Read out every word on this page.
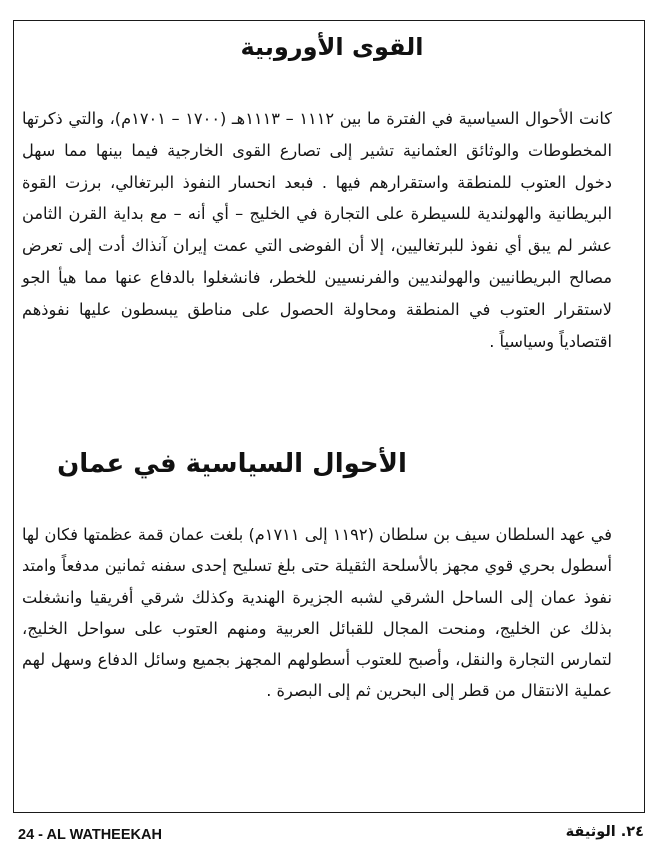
القوى الأوروبية
كانت الأحوال السياسية في الفترة ما بين ١١١٢ – ١١١٣هـ (١٧٠٠ – ١٧٠١م)، والتي ذكرتها المخطوطات والوثائق العثمانية تشير إلى تصارع القوى الخارجية فيما بينها مما سهل دخول العتوب للمنطقة واستقرارهم فيها . فبعد انحسار النفوذ البرتغالي، برزت القوة البريطانية والهولندية للسيطرة على التجارة في الخليج – أي أنه – مع بداية القرن الثامن عشر لم يبق أي نفوذ للبرتغاليين، إلا أن الفوضى التي عمت إيران آنذاك أدت إلى تعرض مصالح البريطانيين والهولنديين والفرنسيين للخطر، فانشغلوا بالدفاع عنها مما هيأ الجو لاستقرار العتوب في المنطقة ومحاولة الحصول على مناطق يبسطون عليها نفوذهم اقتصادياً وسياسياً .
الأحوال السياسية في عمان
في عهد السلطان سيف بن سلطان (١١٩٢ إلى ١٧١١م) بلغت عمان قمة عظمتها فكان لها أسطول بحري قوي مجهز بالأسلحة الثقيلة حتى بلغ تسليح إحدى سفنه ثمانين مدفعاً وامتد نفوذ عمان إلى الساحل الشرقي لشبه الجزيرة الهندية وكذلك شرقي أفريقيا وانشغلت بذلك عن الخليج، ومنحت المجال للقبائل العربية ومنهم العتوب على سواحل الخليج، لتمارس التجارة والنقل، وأصبح للعتوب أسطولهم المجهز بجميع وسائل الدفاع وسهل لهم عملية الانتقال من قطر إلى البحرين ثم إلى البصرة .
24 - AL WATHEEKAH	٢٤. الوثيقة
